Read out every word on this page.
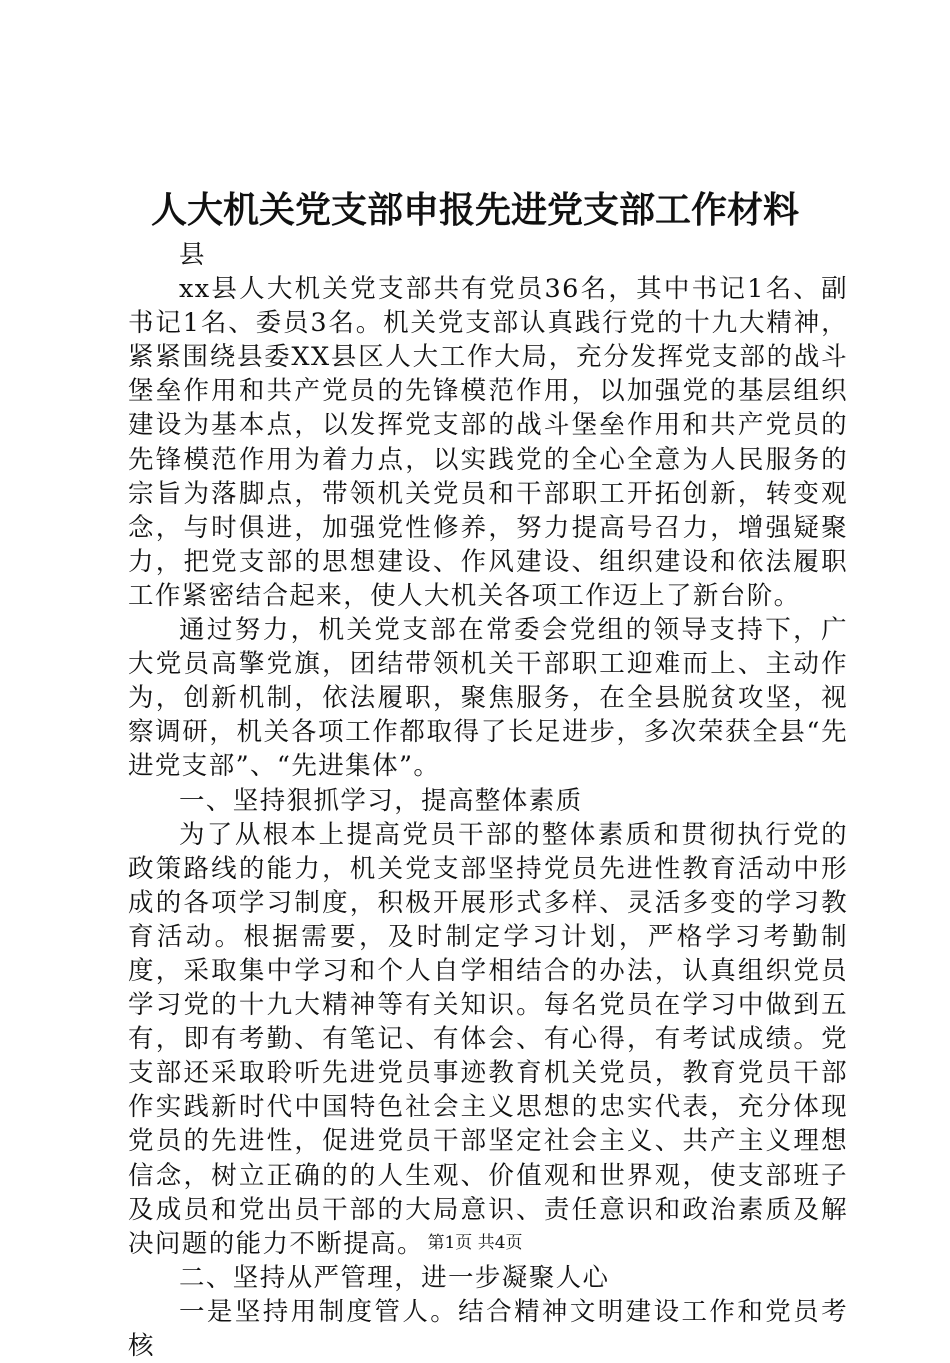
人大机关党支部申报先进党支部工作材料

县

xx县人大机关党支部共有党员36名，其中书记1名、副书记1名、委员3名。机关党支部认真践行党的十九大精神，紧紧围绕县委XX县区人大工作大局，充分发挥党支部的战斗堡垒作用和共产党员的先锋模范作用，以加强党的基层组织建设为基本点，以发挥党支部的战斗堡垒作用和共产党员的先锋模范作用为着力点，以实践党的全心全意为人民服务的宗旨为落脚点，带领机关党员和干部职工开拓创新，转变观念，与时俱进，加强党性修养，努力提高号召力，增强疑聚力，把党支部的思想建设、作风建设、组织建设和依法履职工作紧密结合起来，使人大机关各项工作迈上了新台阶。

通过努力，机关党支部在常委会党组的领导支持下，广大党员高擎党旗，团结带领机关干部职工迎难而上、主动作为，创新机制，依法履职，聚焦服务，在全县脱贫攻坚，视察调研，机关各项工作都取得了长足进步，多次荣获全县“先进党支部”、“先进集体”。

一、坚持狠抓学习，提高整体素质

为了从根本上提高党员干部的整体素质和贯彻执行党的政策路线的能力，机关党支部坚持党员先进性教育活动中形成的各项学习制度，积极开展形式多样、灵活多变的学习教育活动。根据需要，及时制定学习计划，严格学习考勤制度，采取集中学习和个人自学相结合的办法，认真组织党员学习党的十九大精神等有关知识。每名党员在学习中做到五有，即有考勤、有笔记、有体会、有心得，有考试成绩。党支部还采取聆听先进党员事迹教育机关党员，教育党员干部作实践新时代中国特色社会主义思想的忠实代表，充分体现党员的先进性，促进党员干部坚定社会主义、共产主义理想信念，树立正确的的人生观、价值观和世界观，使支部班子及成员和党出员干部的大局意识、责任意识和政治素质及解决问题的能力不断提高。

二、坚持从严管理，进一步凝聚人心

一是坚持用制度管人。结合精神文明建设工作和党员考核

第1页 共4页
